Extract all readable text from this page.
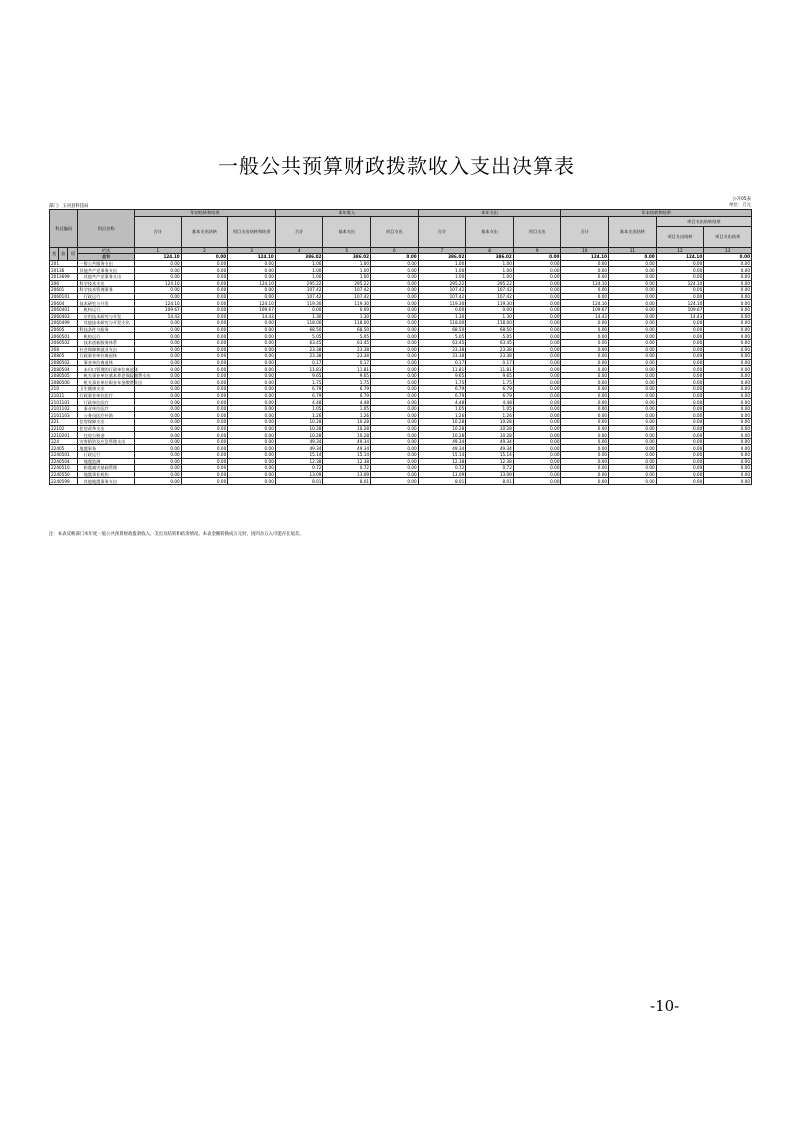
一般公共预算财政拨款收入支出决算表
公开05表
单位：万元
部门：玉河县科技局
科目编码			科目名称	年初结转和结余			本年收入			本年支出			年末结转和结余			
				合计	基本支出结转	项目支出结转和结余	合计	基本支出	项目支出	合计	基本支出	项目支出	合计	基本支出结转	项目支出结转结余	
															项目支出结转	项目支出结余
类	款	项	栏次	1	2	3	4	5	6	7	8	9	10	11	12	13
			合计	124.10	0.00	124.10	386.02	386.02	0.00	386.02	386.02	0.00	124.10	0.00	124.10	0.00
201			一般公共服务支出	0.00	0.00	0.00	1.00	1.00	0.00	1.00	1.00	0.00	0.00	0.00	0.00	0.00
20136			其他共产党事务支出	0.00	0.00	0.00	1.00	1.00	0.00	1.00	1.00	0.00	0.00	0.00	0.00	0.00
2013699			　其他共产党事务支出	0.00	0.00	0.00	1.00	1.00	0.00	1.00	1.00	0.00	0.00	0.00	0.00	0.00
206			科学技术支出	124.10	0.00	124.10	295.22	295.22	0.00	295.22	295.22	0.00	124.10	0.00	124.10	0.00
20601			科学技术管理事务	0.00	0.00	0.00	107.42	107.42	0.00	107.42	107.42	0.00	0.00	0.00	0.00	0.00
2060101			　行政运行	0.00	0.00	0.00	107.42	107.42	0.00	107.42	107.42	0.00	0.00	0.00	0.00	0.00
20604			技术研究与开发	124.10	0.00	124.10	119.30	119.30	0.00	119.30	119.30	0.00	124.10	0.00	124.10	0.00
2060401			　机构运行	109.67	0.00	109.67	0.00	0.00	0.00	0.00	0.00	0.00	109.67	0.00	109.67	0.00
2060403			　应用技术研究与开发	14.43	0.00	14.43	1.30	1.30	0.00	1.30	1.30	0.00	14.43	0.00	14.43	0.00
2060499			　其他技术研究与开发支出	0.00	0.00	0.00	118.00	118.00	0.00	118.00	118.00	0.00	0.00	0.00	0.00	0.00
20605			科技条件与服务	0.00	0.00	0.00	68.50	68.50	0.00	68.50	68.50	0.00	0.00	0.00	0.00	0.00
2060501			　机构运行	0.00	0.00	0.00	5.05	5.05	0.00	5.05	5.05	0.00	0.00	0.00	0.00	0.00
2060502			　技术创新服务体系	0.00	0.00	0.00	63.45	63.45	0.00	63.45	63.45	0.00	0.00	0.00	0.00	0.00
208			社会保障和就业支出	0.00	0.00	0.00	23.38	23.38	0.00	23.38	23.38	0.00	0.00	0.00	0.00	0.00
20805			行政事业单位离退休	0.00	0.00	0.00	23.38	23.38	0.00	23.38	23.38	0.00	0.00	0.00	0.00	0.00
2080502			　事业单位离退休	0.00	0.00	0.00	0.17	0.17	0.00	0.17	0.17	0.00	0.00	0.00	0.00	0.00
2080504			　未归口管理的行政单位离退休	0.00	0.00	0.00	11.81	11.81	0.00	11.81	11.81	0.00	0.00	0.00	0.00	0.00
2080505			　机关事业单位基本养老保险缴费支出	0.00	0.00	0.00	9.65	9.65	0.00	9.65	9.65	0.00	0.00	0.00	0.00	0.00
2080506			　机关事业单位职业年金缴费支出	0.00	0.00	0.00	1.75	1.75	0.00	1.75	1.75	0.00	0.00	0.00	0.00	0.00
210			卫生健康支出	0.00	0.00	0.00	6.79	6.79	0.00	6.79	6.79	0.00	0.00	0.00	0.00	0.00
21011			行政事业单位医疗	0.00	0.00	0.00	6.79	6.79	0.00	6.79	6.79	0.00	0.00	0.00	0.00	0.00
2101101			　行政单位医疗	0.00	0.00	0.00	4.48	4.48	0.00	4.48	4.48	0.00	0.00	0.00	0.00	0.00
2101102			　事业单位医疗	0.00	0.00	0.00	1.05	1.05	0.00	1.05	1.05	0.00	0.00	0.00	0.00	0.00
2101103			　公务员医疗补助	0.00	0.00	0.00	1.26	1.26	0.00	1.26	1.26	0.00	0.00	0.00	0.00	0.00
221			住房保障支出	0.00	0.00	0.00	10.28	10.28	0.00	10.28	10.28	0.00	0.00	0.00	0.00	0.00
22102			住房改革支出	0.00	0.00	0.00	10.28	10.28	0.00	10.28	10.28	0.00	0.00	0.00	0.00	0.00
2210201			　住房公积金	0.00	0.00	0.00	10.28	10.28	0.00	10.28	10.28	0.00	0.00	0.00	0.00	0.00
224			灾害防治及应急管理支出	0.00	0.00	0.00	49.34	49.34	0.00	49.34	49.34	0.00	0.00	0.00	0.00	0.00
22405			地震事务	0.00	0.00	0.00	49.34	49.34	0.00	49.34	49.34	0.00	0.00	0.00	0.00	0.00
2240501			　行政运行	0.00	0.00	0.00	15.14	15.14	0.00	15.14	15.14	0.00	0.00	0.00	0.00	0.00
2240504			　地震监测	0.00	0.00	0.00	12.38	12.38	0.00	12.38	12.38	0.00	0.00	0.00	0.00	0.00
2240510			　防震减灾基础管理	0.00	0.00	0.00	0.72	0.72	0.00	0.72	0.72	0.00	0.00	0.00	0.00	0.00
2240550			　地震事业机构	0.00	0.00	0.00	13.09	13.09	0.00	13.09	13.09	0.00	0.00	0.00	0.00	0.00
2240599			　其他地震事务支出	0.00	0.00	0.00	8.01	8.01	0.00	8.01	8.01	0.00	0.00	0.00	0.00	0.00
注：本表反映部门本年度一般公共预算财政拨款收入、支出及结转和结余情况。本表金额转换成万元时，因四舍五入可能存在尾差。
-10-
